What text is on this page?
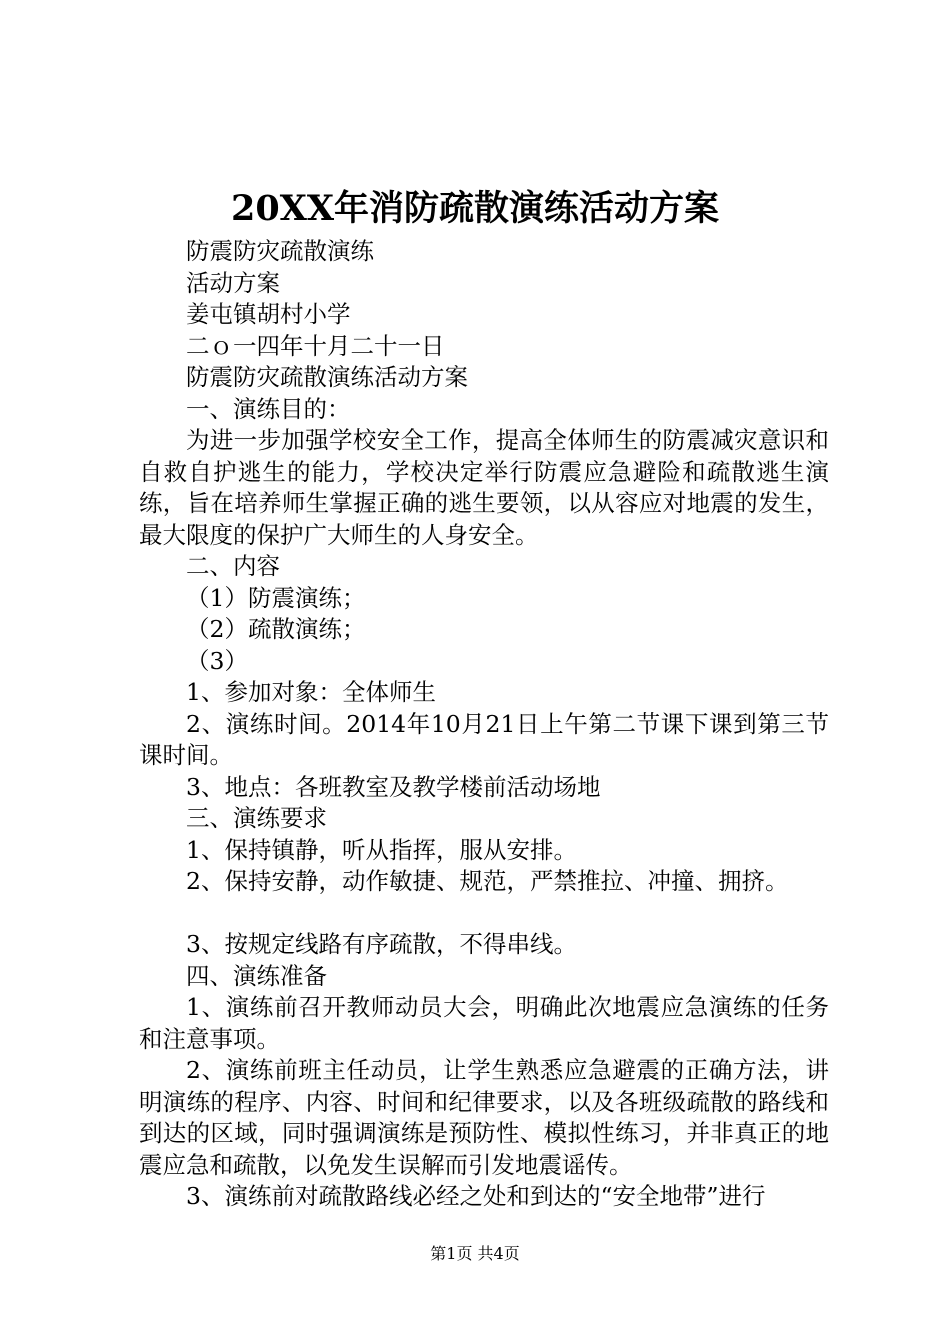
20XX年消防疏散演练活动方案

防震防灾疏散演练

活动方案

姜屯镇胡村小学

二ｏ一四年十月二十一日

防震防灾疏散演练活动方案

一、演练目的：

为进一步加强学校安全工作，提高全体师生的防震减灾意识和自救自护逃生的能力，学校决定举行防震应急避险和疏散逃生演练，旨在培养师生掌握正确的逃生要领，以从容应对地震的发生，最大限度的保护广大师生的人身安全。

二、内容

（1）防震演练；

（2）疏散演练；

（3）

1、参加对象：全体师生

2、演练时间。2014年10月21日上午第二节课下课到第三节课时间。

3、地点：各班教室及教学楼前活动场地

三、演练要求

1、保持镇静，听从指挥，服从安排。

2、保持安静，动作敏捷、规范，严禁推拉、冲撞、拥挤。

3、按规定线路有序疏散，不得串线。

四、演练准备

1、演练前召开教师动员大会，明确此次地震应急演练的任务和注意事项。

2、演练前班主任动员，让学生熟悉应急避震的正确方法，讲明演练的程序、内容、时间和纪律要求，以及各班级疏散的路线和到达的区域，同时强调演练是预防性、模拟性练习，并非真正的地震应急和疏散，以免发生误解而引发地震谣传。

3、演练前对疏散路线必经之处和到达的“安全地带”进行

第1页 共4页
